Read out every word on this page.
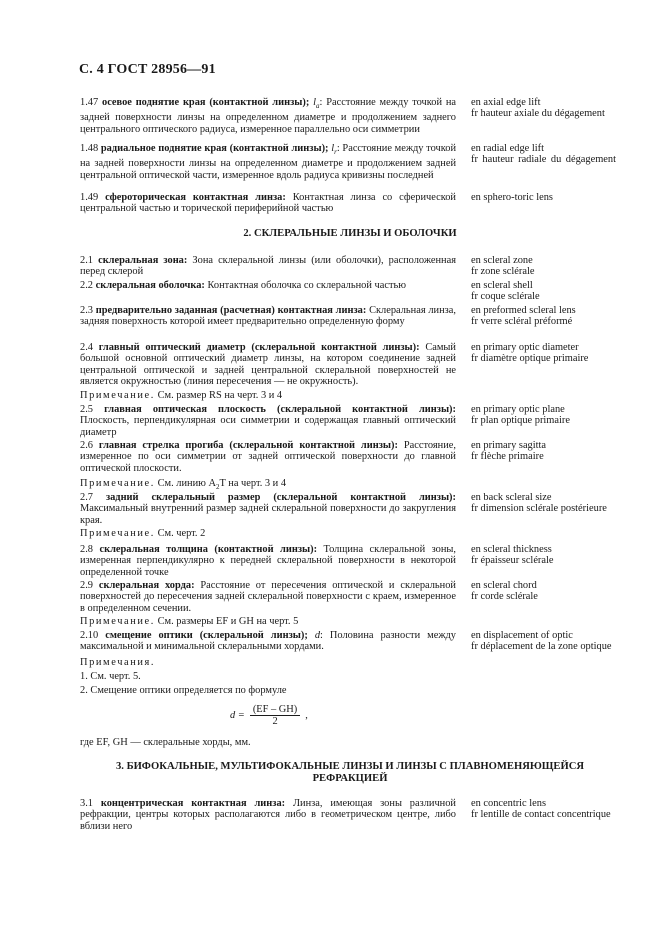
С. 4 ГОСТ 28956—91
1.47 осевое поднятие края (контактной линзы); $l_a$: Расстояние между точкой на задней поверхности линзы на определенном диаметре и продолжением заднего центрального оптического радиуса, измеренное параллельно оси симметрии
en axial edge lift
fr hauteur axiale du dégagement
1.48 радиальное поднятие края (контактной линзы); $l_r$: Расстояние между точкой на задней поверхности линзы на определенном диаметре и продолжением задней центральной оптической части, измеренное вдоль радиуса кривизны последней
en radial edge lift
fr hauteur radiale du dégagement
1.49 сфероторическая контактная линза: Контактная линза со сферической центральной частью и торической периферийной частью
en sphero-toric lens
2. СКЛЕРАЛЬНЫЕ ЛИНЗЫ И ОБОЛОЧКИ
2.1 склеральная зона: Зона склеральной линзы (или оболочки), расположенная перед склерой
en scleral zone
fr zone sclérale
2.2 склеральная оболочка: Контактная оболочка со склеральной частью	en scleral shell
fr coque sclérale
2.3 предварительно заданная (расчетная) контактная линза: Склеральная линза, задняя поверхность которой имеет предварительно определенную форму
en preformed scleral lens
fr verre scléral préformé
2.4 главный оптический диаметр (склеральной контактной линзы): Самый большой основной оптический диаметр линзы, на котором соединение задней центральной оптической и задней центральной склеральной поверхностей не является окружностью (линия пересечения — не окружность).
en primary optic diameter
fr diamètre optique primaire
Примечание. См. размер RS на черт. 3 и 4
2.5 главная оптическая плоскость (склеральной контактной линзы): Плоскость, перпендикулярная оси симметрии и содержащая главный оптический диаметр
en primary optic plane
fr plan optique primaire
2.6 главная стрелка прогиба (склеральной контактной линзы): Расстояние, измеренное по оси симметрии от задней оптической поверхности до главной оптической плоскости.
en primary sagitta
fr flèche primaire
Примечание. См. линию $A_2T$ на черт. 3 и 4
2.7 задний склеральный размер (склеральной контактной линзы): Максимальный внутренний размер задней склеральной поверхности до закругления края.
en back scleral size
fr dimension sclérale postérieure
Примечание. См. черт. 2
2.8 склеральная толщина (контактной линзы): Толщина склеральной зоны, измеренная перпендикулярно к передней склеральной поверхности в некоторой определенной точке
en scleral thickness
fr épaisseur sclérale
2.9 склеральная хорда: Расстояние от пересечения оптической и склеральной поверхностей до пересечения задней склеральной поверхности с краем, измеренное в определенном сечении.
en scleral chord
fr corde sclérale
Примечание. См. размеры EF и GH на черт. 5
2.10 смещение оптики (склеральной линзы); d: Половина разности между максимальной и минимальной склеральными хордами.
en displacement of optic
fr déplacement de la zone optique
Примечания.
1. См. черт. 5.
2. Смещение оптики определяется по формуле
$d = \frac{(EF - GH)}{2}$ ,
где EF, GH — склеральные хорды, мм.
3. БИФОКАЛЬНЫЕ, МУЛЬТИФОКАЛЬНЫЕ ЛИНЗЫ И ЛИНЗЫ С ПЛАВНОМЕНЯЮЩЕЙСЯ
РЕФРАКЦИЕЙ
3.1 концентрическая контактная линза: Линза, имеющая зоны различной рефракции, центры которых располагаются либо в геометрическом центре, либо вблизи него
en concentric lens
fr lentille de contact concentrique
